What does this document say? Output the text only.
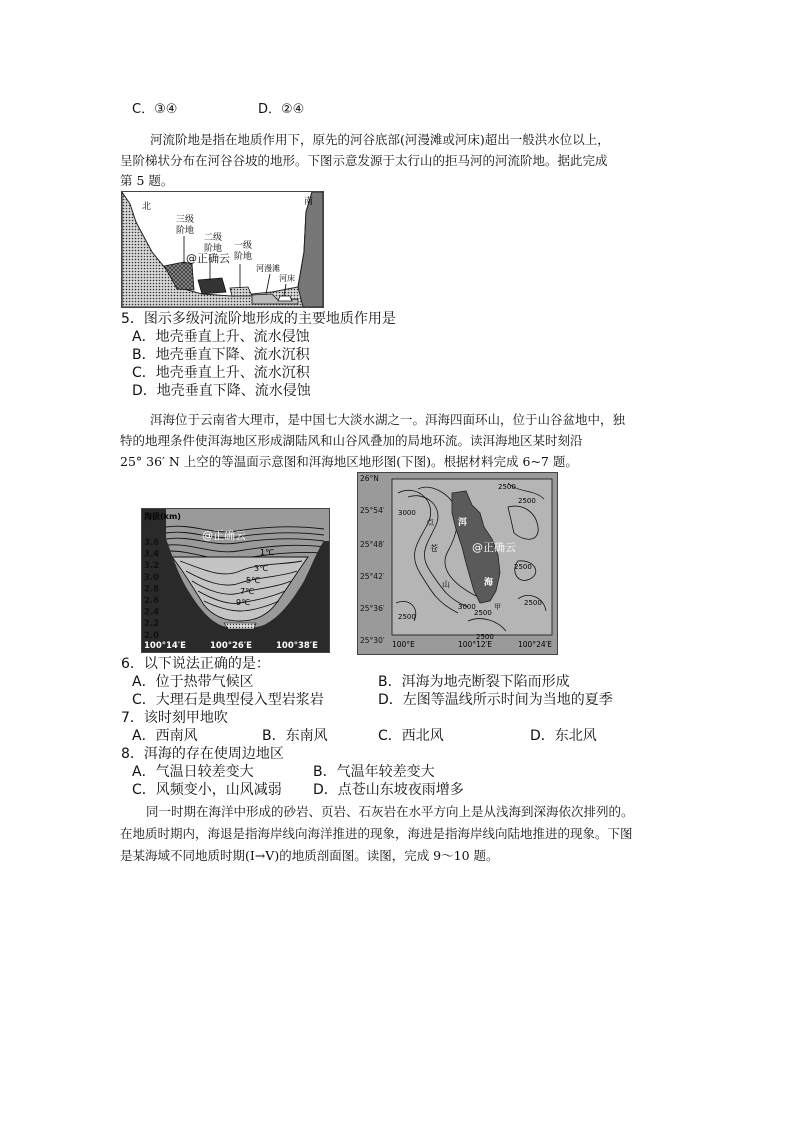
C．③④	D．②④
河流阶地是指在地质作用下，原先的河谷底部(河漫滩或河床)超出一般洪水位以上，
呈阶梯状分布在河谷谷坡的地形。下图示意发源于太行山的拒马河的河流阶地。据此完成
第 5 题。
北	南
三级
阶地
二级
阶地 一级
阶地
河漫滩
河床
@正确云
5．图示多级河流阶地形成的主要地质作用是
A．地壳垂直上升、流水侵蚀
B．地壳垂直下降、流水沉积
C．地壳垂直上升、流水沉积
D．地壳垂直下降、流水侵蚀
洱海位于云南省大理市，是中国七大淡水湖之一。洱海四面环山，位于山谷盆地中，独
特的地理条件使洱海地区形成湖陆风和山谷风叠加的局地环流。读洱海地区某时刻沿
25° 36′ N 上空的等温面示意图和洱海地区地形图(下图)。根据材料完成 6~7 题。
海拔(km)
3.6
3.4
3.2
3.0
2.8
2.6
2.4
2.2
2.0
1℃
3℃
5℃
7℃
9℃
@正确云
100°14′E	100°26′E	100°38′E
26°N
25°54′
25°48′
25°42′
25°36′
25°30′ 100°E	100°12′E	100°24′E
2500
2500
3000
3000
2500
2500
2500
2500
2500
洱
海
点
苍
山
甲
@正确云
6．以下说法正确的是：
A．位于热带气候区	B．洱海为地壳断裂下陷而形成
C．大理石是典型侵入型岩浆岩	D．左图等温线所示时间为当地的夏季
7．该时刻甲地吹
A．西南风	B．东南风	C．西北风	D．东北风
8．洱海的存在使周边地区
A．气温日较差变大	B．气温年较差变大
C．风频变小，山风减弱 D．点苍山东坡夜雨增多
同一时期在海洋中形成的砂岩、页岩、石灰岩在水平方向上是从浅海到深海依次排列的。
在地质时期内，海退是指海岸线向海洋推进的现象，海进是指海岸线向陆地推进的现象。下图
是某海域不同地质时期(Ⅰ→Ⅴ)的地质剖面图。读图，完成 9～10 题。
